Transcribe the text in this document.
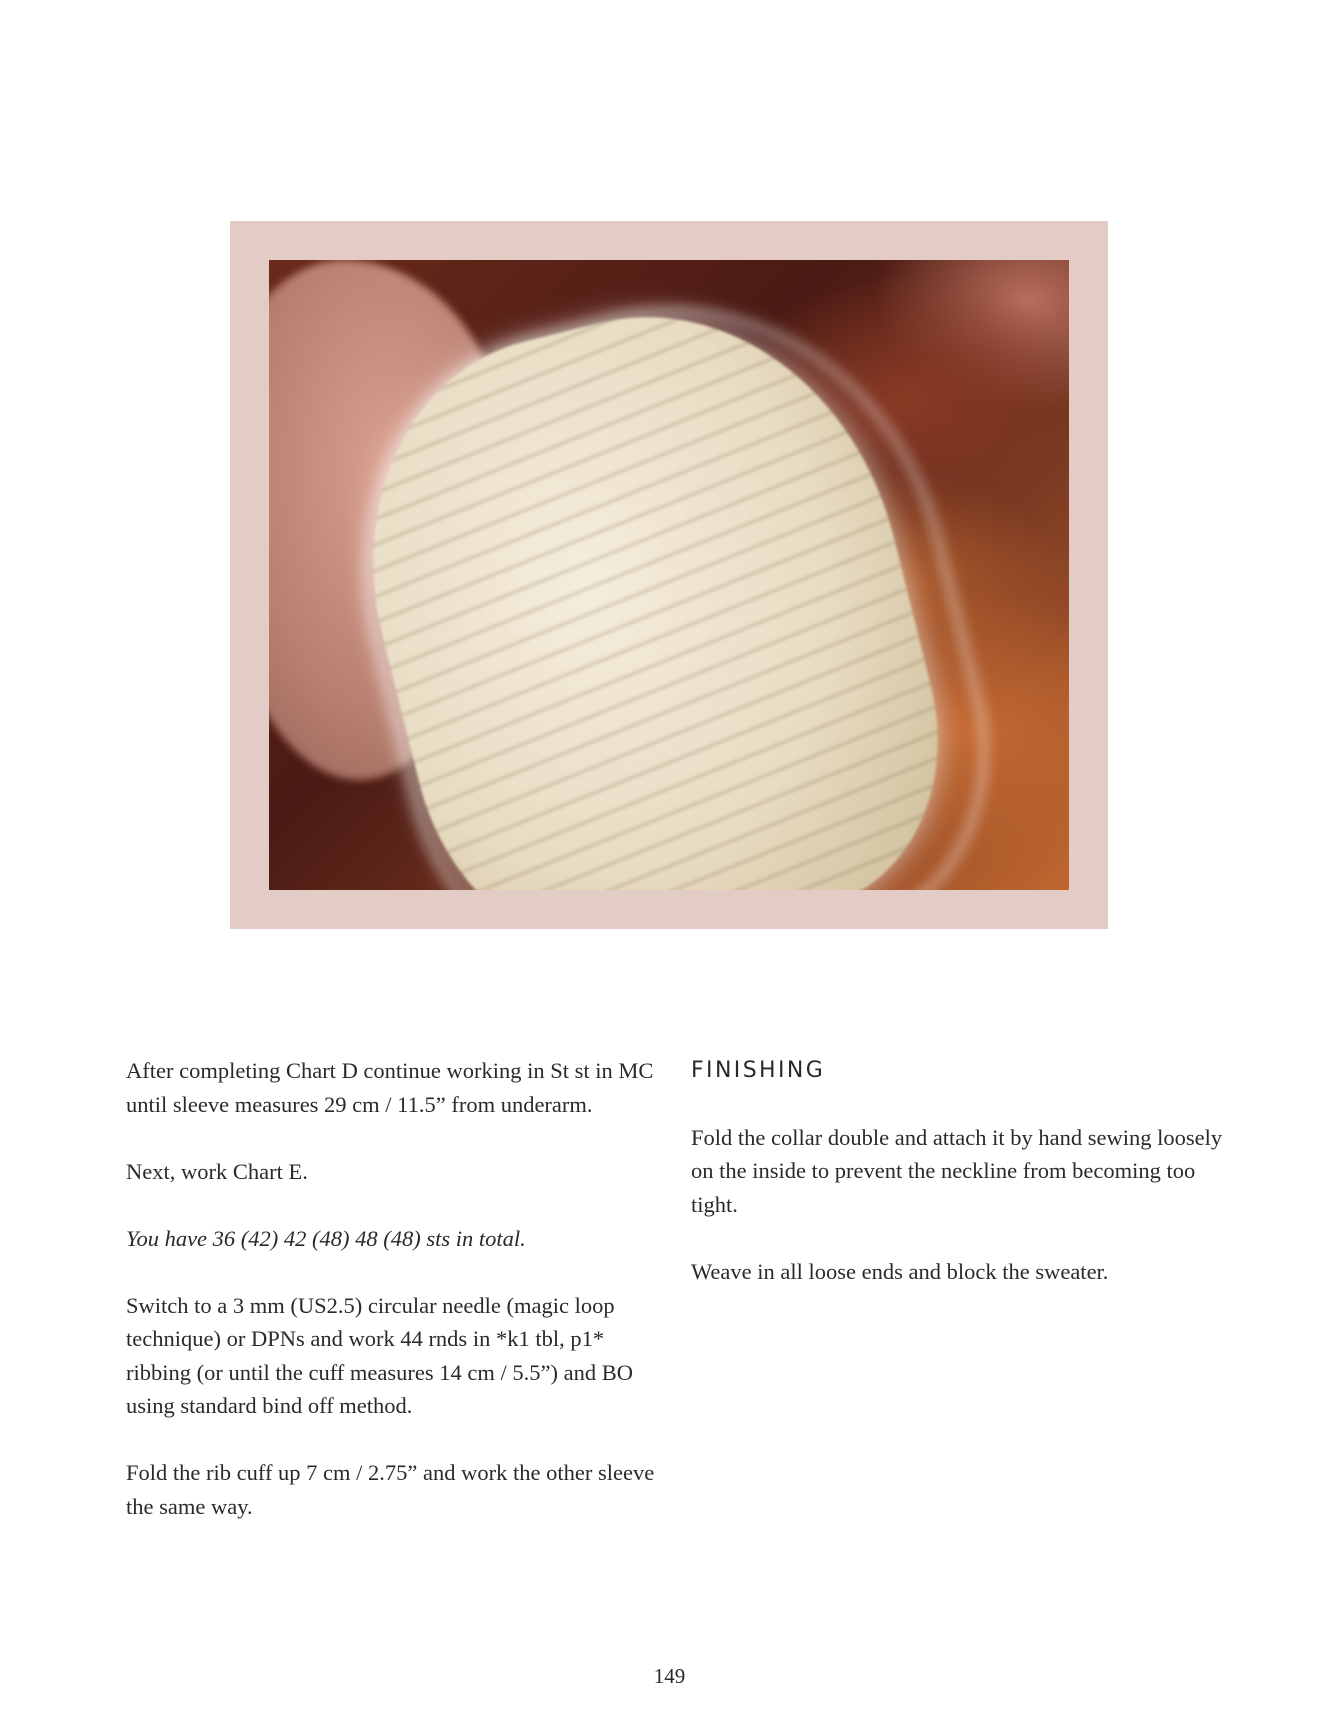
After completing Chart D continue working in St st in MC until sleeve measures 29 cm / 11.5” from underarm.

Next, work Chart E.

You have 36 (42) 42 (48) 48 (48) sts in total.

Switch to a 3 mm (US2.5) circular needle (magic loop technique) or DPNs and work 44 rnds in *k1 tbl, p1* ribbing (or until the cuff measures 14 cm / 5.5”) and BO using standard bind off method.

Fold the rib cuff up 7 cm / 2.75” and work the other sleeve the same way.

FINISHING

Fold the collar double and attach it by hand sewing loosely on the inside to prevent the neckline from becoming too tight.

Weave in all loose ends and block the sweater.

149
